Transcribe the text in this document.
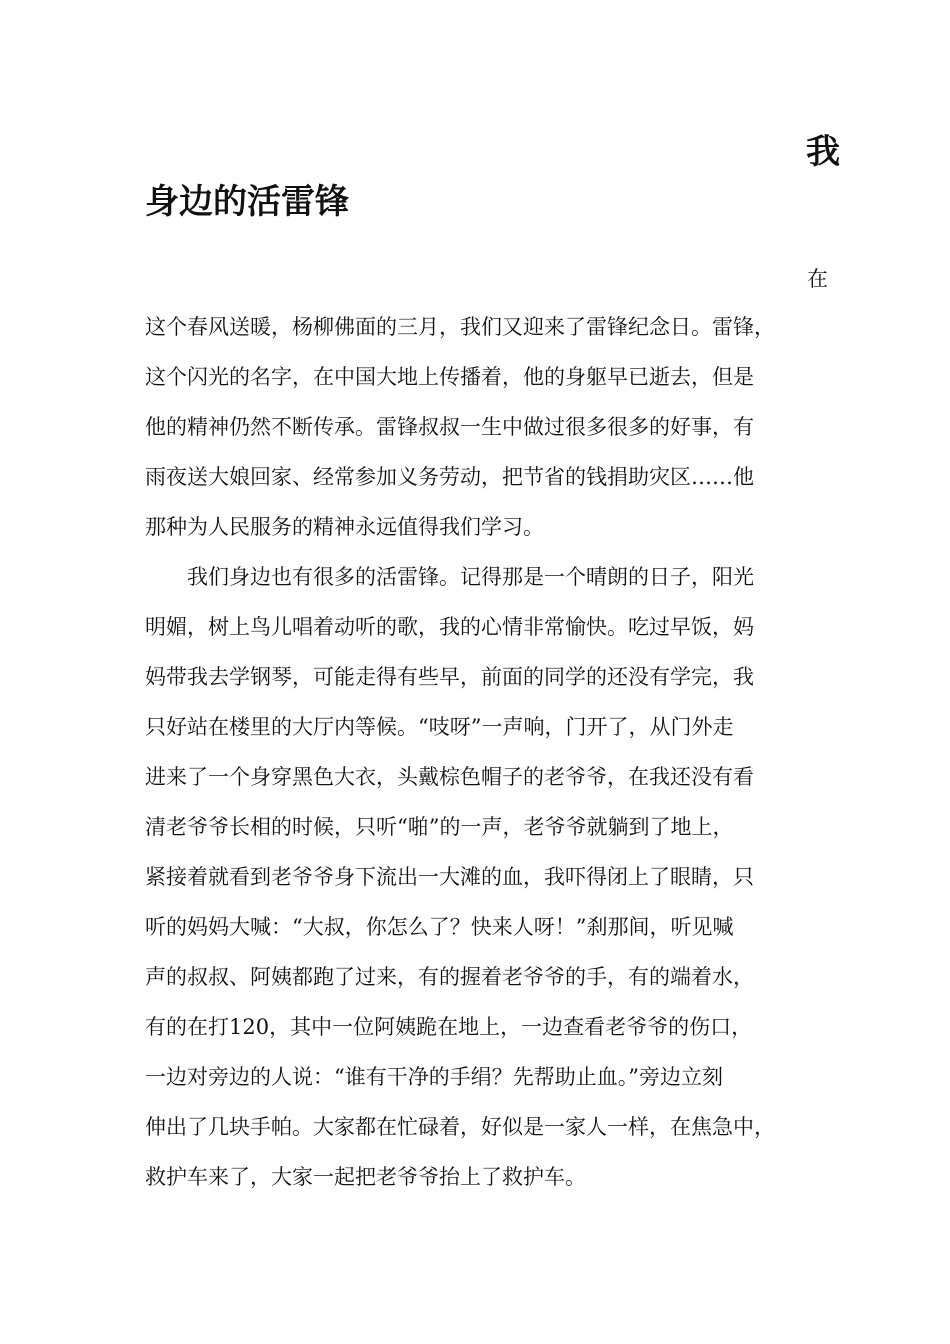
我
身边的活雷锋
在
这个春风送暖，杨柳佛面的三月，我们又迎来了雷锋纪念日。雷锋，
这个闪光的名字，在中国大地上传播着，他的身躯早已逝去，但是
他的精神仍然不断传承。雷锋叔叔一生中做过很多很多的好事，有
雨夜送大娘回家、经常参加义务劳动，把节省的钱捐助灾区……他
那种为人民服务的精神永远值得我们学习。
我们身边也有很多的活雷锋。记得那是一个晴朗的日子，阳光
明媚，树上鸟儿唱着动听的歌，我的心情非常愉快。吃过早饭，妈
妈带我去学钢琴，可能走得有些早，前面的同学的还没有学完，我
只好站在楼里的大厅内等候。“吱呀”一声响，门开了，从门外走
进来了一个身穿黑色大衣，头戴棕色帽子的老爷爷，在我还没有看
清老爷爷长相的时候，只听“啪”的一声，老爷爷就躺到了地上，
紧接着就看到老爷爷身下流出一大滩的血，我吓得闭上了眼睛，只
听的妈妈大喊：“大叔，你怎么了？快来人呀！”刹那间，听见喊
声的叔叔、阿姨都跑了过来，有的握着老爷爷的手，有的端着水，
有的在打120，其中一位阿姨跪在地上，一边查看老爷爷的伤口，
一边对旁边的人说：“谁有干净的手绢？先帮助止血。”旁边立刻
伸出了几块手帕。大家都在忙碌着，好似是一家人一样，在焦急中，
救护车来了，大家一起把老爷爷抬上了救护车。
